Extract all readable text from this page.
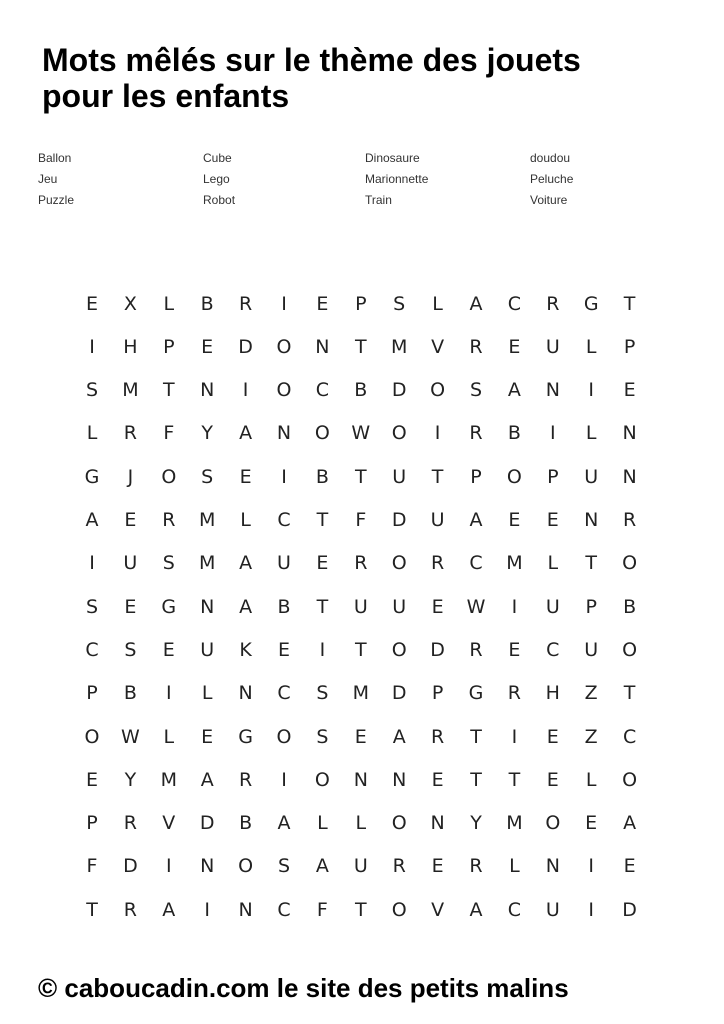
Mots mêlés sur le thème des jouets
pour les enfants
Ballon	Cube	Dinosaure	doudou
Jeu	Lego	Marionnette	Peluche
Puzzle	Robot	Train	Voiture
E	X	L	B	R	I	E	P	S	L	A	C	R	G	T
I	H	P	E	D	O	N	T	M	V	R	E	U	L	P
S	M	T	N	I	O	C	B	D	O	S	A	N	I	E
L	R	F	Y	A	N	O	W	O	I	R	B	I	L	N
G	J	O	S	E	I	B	T	U	T	P	O	P	U	N
A	E	R	M	L	C	T	F	D	U	A	E	E	N	R
I	U	S	M	A	U	E	R	O	R	C	M	L	T	O
S	E	G	N	A	B	T	U	U	E	W	I	U	P	B
C	S	E	U	K	E	I	T	O	D	R	E	C	U	O
P	B	I	L	N	C	S	M	D	P	G	R	H	Z	T
O	W	L	E	G	O	S	E	A	R	T	I	E	Z	C
E	Y	M	A	R	I	O	N	N	E	T	T	E	L	O
P	R	V	D	B	A	L	L	O	N	Y	M	O	E	A
F	D	I	N	O	S	A	U	R	E	R	L	N	I	E
T	R	A	I	N	C	F	T	O	V	A	C	U	I	D
© caboucadin.com le site des petits malins
